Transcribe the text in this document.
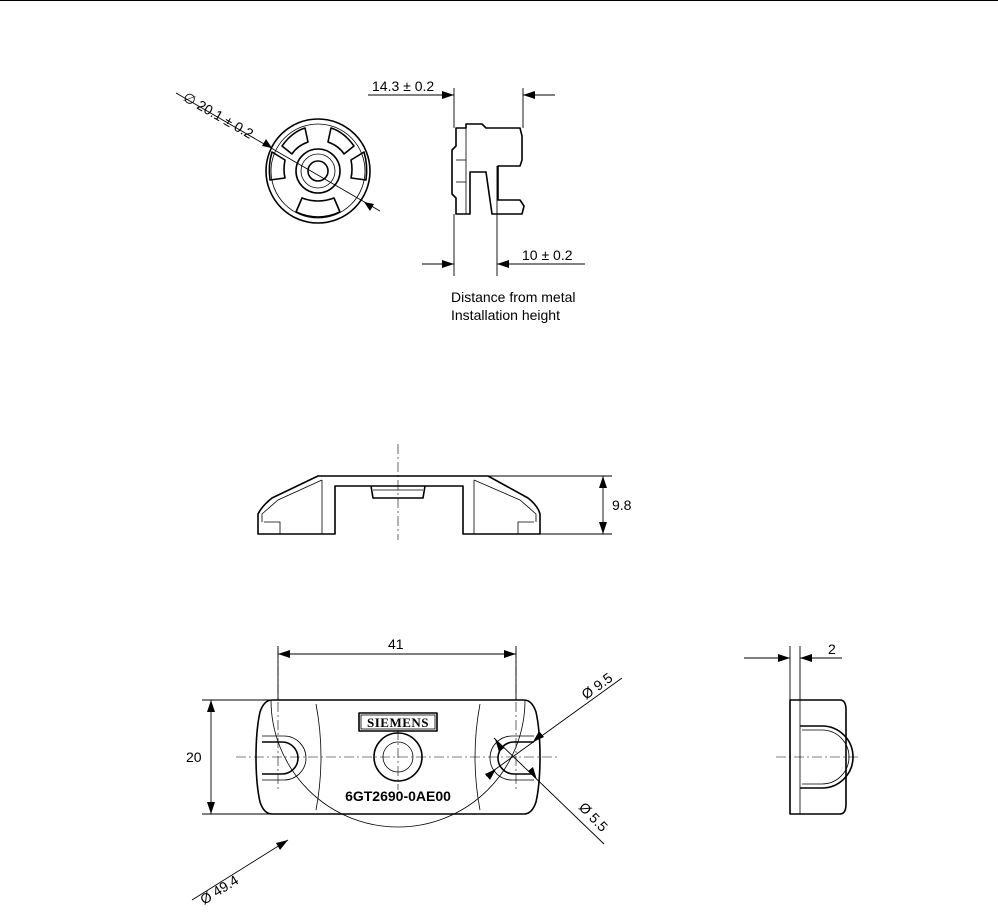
∅ 20.1 ± 0.2
14.3 ± 0.2
10 ± 0.2
9.8
SIEMENS
6GT2690-0AE00
41
20
Ø 9.5
Ø 5.5
Ø 49.4
2
Distance from metal
Installation height
